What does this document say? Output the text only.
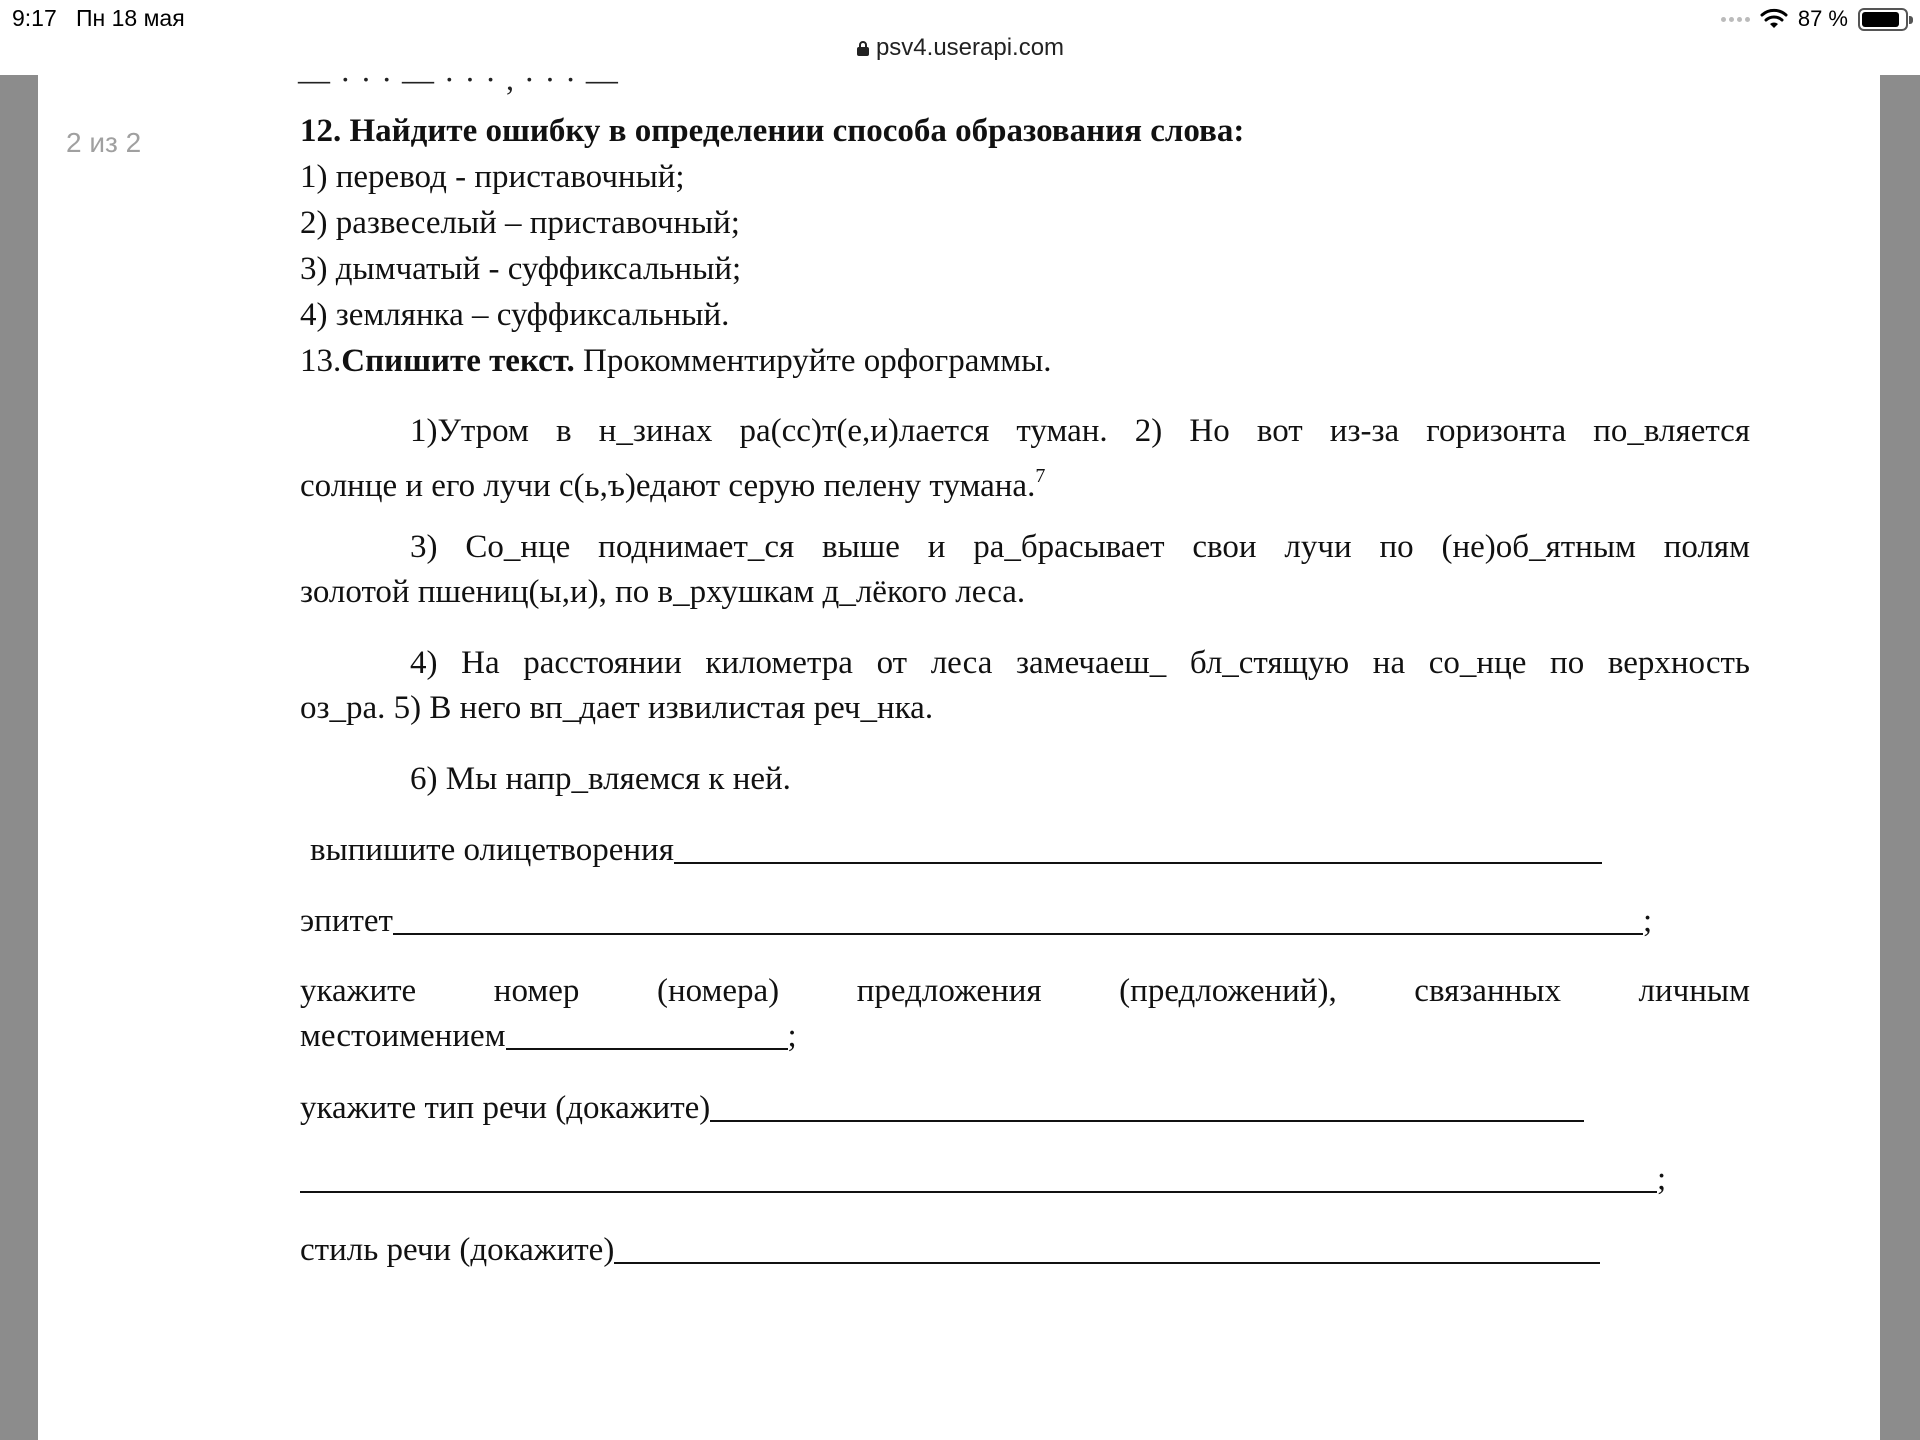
9:17 Пн 18 мая	87 %
psv4.userapi.com
— · · · — · · · , · · · —
2 из 2	12. Найдите ошибку в определении способа образования слова:
1) перевод - приставочный;
2) развеселый – приставочный;
3) дымчатый - суффиксальный;
4) землянка – суффиксальный.
13.Спишите текст. Прокомментируйте орфограммы.
1)Утром в н_зинах ра(сс)т(е,и)лается туман. 2) Но вот из-за горизонта по_вляется
солнце и его лучи с(ь,ъ)едают серую пелену тумана.$^7$
3) Со_нце поднимает_ся выше и ра_брасывает свои лучи по (не)об_ятным полям
золотой пшениц(ы,и), по в_рхушкам д_лёкого леса.
4) На расстоянии километра от леса замечаеш_ бл_стящую на со_нце по верхность
оз_ра. 5) В него вп_дает извилистая реч_нка.
6) Мы напр_вляемся к ней.
выпишите олицетворения
эпитет	;
укажите номер (номера) предложения (предложений), связанных личным
местоимением	;
укажите тип речи (докажите)
;
стиль речи (докажите)
